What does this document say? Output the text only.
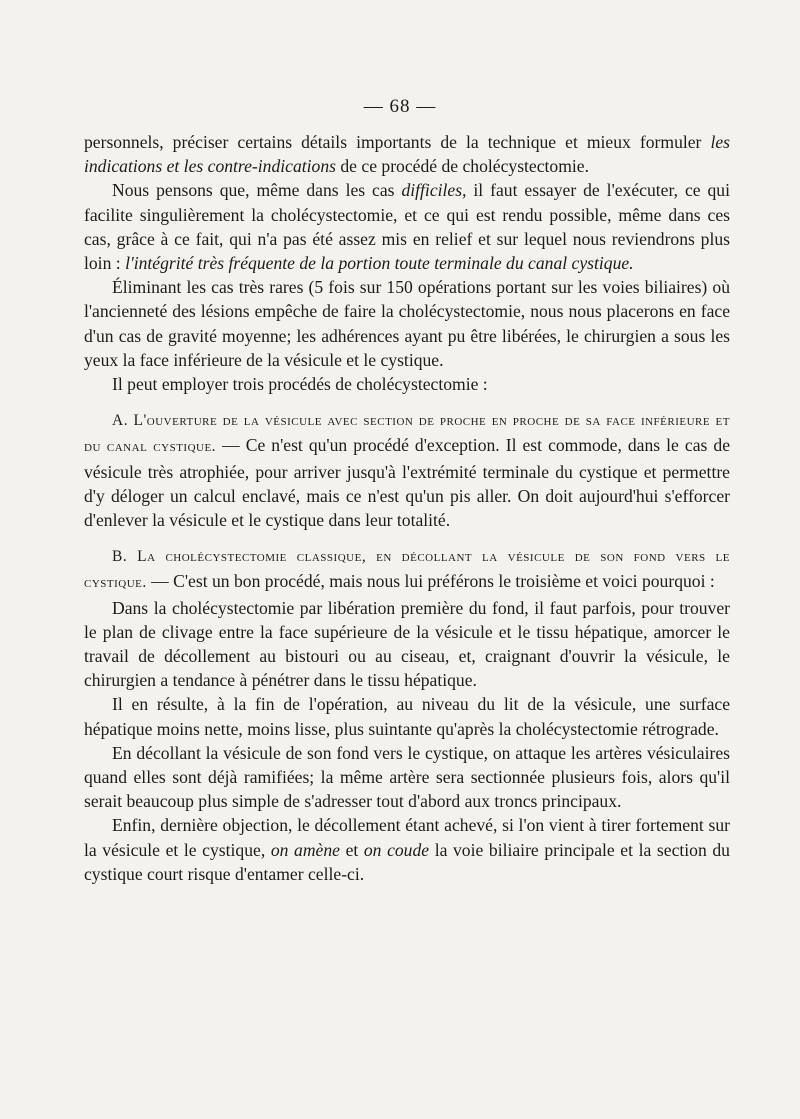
— 68 —

personnels, préciser certains détails importants de la technique et mieux formuler les indications et les contre-indications de ce procédé de cholécystectomie.

Nous pensons que, même dans les cas difficiles, il faut essayer de l'exécuter, ce qui facilite singulièrement la cholécystectomie, et ce qui est rendu possible, même dans ces cas, grâce à ce fait, qui n'a pas été assez mis en relief et sur lequel nous reviendrons plus loin : l'intégrité très fréquente de la portion toute terminale du canal cystique.

Éliminant les cas très rares (5 fois sur 150 opérations portant sur les voies biliaires) où l'ancienneté des lésions empêche de faire la cholécystectomie, nous nous placerons en face d'un cas de gravité moyenne; les adhérences ayant pu être libérées, le chirurgien a sous les yeux la face inférieure de la vésicule et le cystique.

Il peut employer trois procédés de cholécystectomie :

A. L'ouverture de la vésicule avec section de proche en proche de sa face inférieure et du canal cystique. — Ce n'est qu'un procédé d'exception. Il est commode, dans le cas de vésicule très atrophiée, pour arriver jusqu'à l'extrémité terminale du cystique et permettre d'y déloger un calcul enclavé, mais ce n'est qu'un pis aller. On doit aujourd'hui s'efforcer d'enlever la vésicule et le cystique dans leur totalité.

B. La cholécystectomie classique, en décollant la vésicule de son fond vers le cystique. — C'est un bon procédé, mais nous lui préférons le troisième et voici pourquoi :

Dans la cholécystectomie par libération première du fond, il faut parfois, pour trouver le plan de clivage entre la face supérieure de la vésicule et le tissu hépatique, amorcer le travail de décollement au bistouri ou au ciseau, et, craignant d'ouvrir la vésicule, le chirurgien a tendance à pénétrer dans le tissu hépatique.

Il en résulte, à la fin de l'opération, au niveau du lit de la vésicule, une surface hépatique moins nette, moins lisse, plus suintante qu'après la cholécystectomie rétrograde.

En décollant la vésicule de son fond vers le cystique, on attaque les artères vésiculaires quand elles sont déjà ramifiées; la même artère sera sectionnée plusieurs fois, alors qu'il serait beaucoup plus simple de s'adresser tout d'abord aux troncs principaux.

Enfin, dernière objection, le décollement étant achevé, si l'on vient à tirer fortement sur la vésicule et le cystique, on amène et on coude la voie biliaire principale et la section du cystique court risque d'entamer celle-ci.
